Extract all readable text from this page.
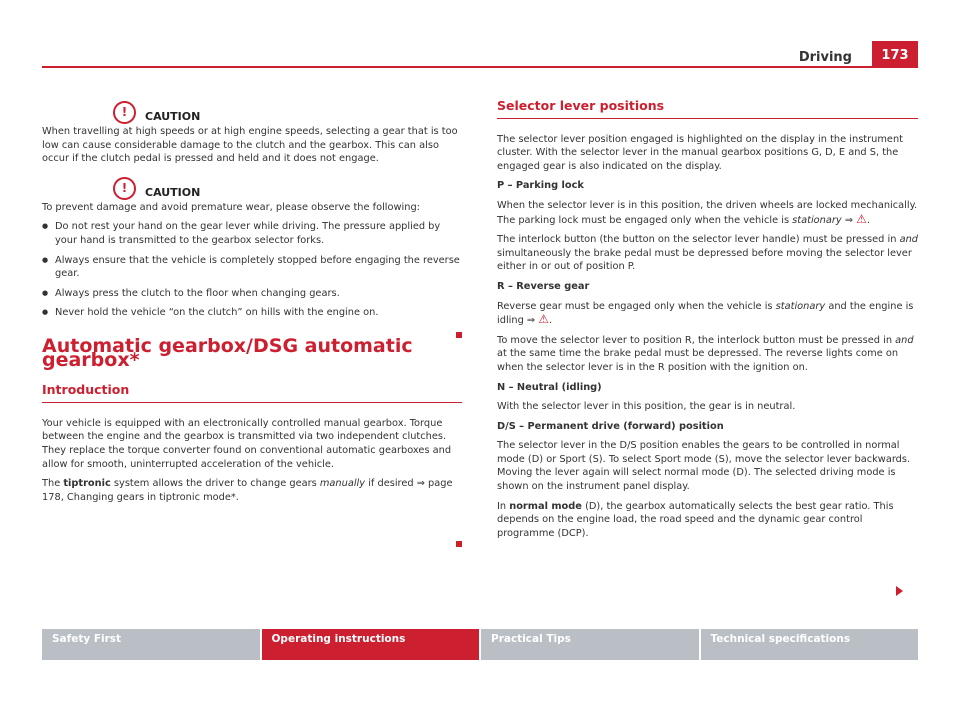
Driving	173
!	CAUTION

When travelling at high speeds or at high engine speeds, selecting a gear that is too low can cause considerable damage to the clutch and the gearbox. This can also occur if the clutch pedal is pressed and held and it does not engage.

!	CAUTION

To prevent damage and avoid premature wear, please observe the following:

● Do not rest your hand on the gear lever while driving. The pressure applied by your hand is transmitted to the gearbox selector forks.

● Always ensure that the vehicle is completely stopped before engaging the reverse gear.

● Always press the clutch to the floor when changing gears.

● Never hold the vehicle “on the clutch” on hills with the engine on.

Automatic gearbox/DSG automatic gearbox*
Introduction

Your vehicle is equipped with an electronically controlled manual gearbox. Torque between the engine and the gearbox is transmitted via two independent clutches. They replace the torque converter found on conventional automatic gearboxes and allow for smooth, uninterrupted acceleration of the vehicle.

The tiptronic system allows the driver to change gears manually if desired ⇒ page 178, Changing gears in tiptronic mode*.

Selector lever positions

The selector lever position engaged is highlighted on the display in the instrument cluster. With the selector lever in the manual gearbox positions G, D, E and S, the engaged gear is also indicated on the display.

P – Parking lock

When the selector lever is in this position, the driven wheels are locked mechanically. The parking lock must be engaged only when the vehicle is stationary ⇒ ⚠.

The interlock button (the button on the selector lever handle) must be pressed in and simultaneously the brake pedal must be depressed before moving the selector lever either in or out of position P.

R – Reverse gear

Reverse gear must be engaged only when the vehicle is stationary and the engine is idling ⇒ ⚠.

To move the selector lever to position R, the interlock button must be pressed in and at the same time the brake pedal must be depressed. The reverse lights come on when the selector lever is in the R position with the ignition on.

N – Neutral (idling)

With the selector lever in this position, the gear is in neutral.

D/S – Permanent drive (forward) position

The selector lever in the D/S position enables the gears to be controlled in normal mode (D) or Sport (S). To select Sport mode (S), move the selector lever backwards. Moving the lever again will select normal mode (D). The selected driving mode is shown on the instrument panel display.

In normal mode (D), the gearbox automatically selects the best gear ratio. This depends on the engine load, the road speed and the dynamic gear control programme (DCP).

Safety First	Operating instructions	Practical Tips	Technical specifications
